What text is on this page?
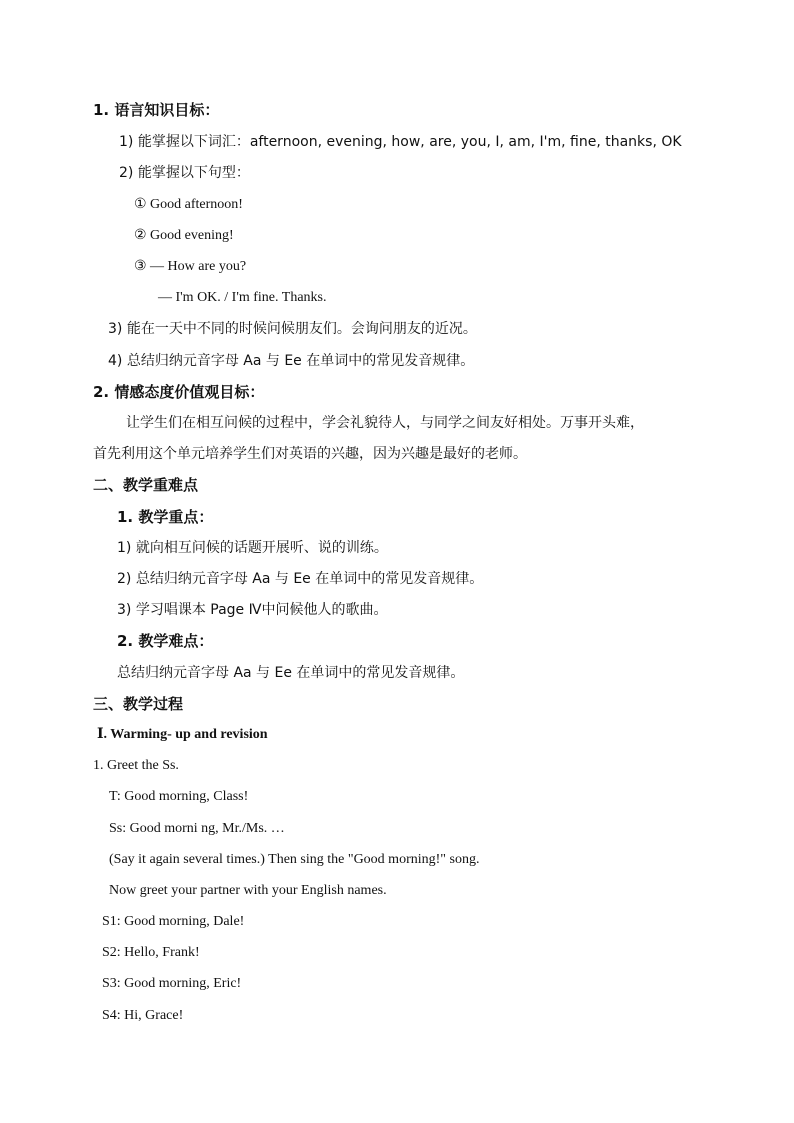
1. 语言知识目标：
1) 能掌握以下词汇：afternoon, evening, how, are, you, I, am, I'm, fine, thanks, OK
2) 能掌握以下句型：
① Good afternoon!
② Good evening!
③ — How are you?
— I'm OK. / I'm fine. Thanks.
3) 能在一天中不同的时候问候朋友们。会询问朋友的近况。
4) 总结归纳元音字母 Aa 与 Ee 在单词中的常见发音规律。
2. 情感态度价值观目标：
让学生们在相互问候的过程中，学会礼貌待人，与同学之间友好相处。万事开头难，
首先利用这个单元培养学生们对英语的兴趣，因为兴趣是最好的老师。
二、教学重难点
1. 教学重点：
1) 就向相互问候的话题开展听、说的训练。
2) 总结归纳元音字母 Aa 与 Ee 在单词中的常见发音规律。
3) 学习唱课本 Page Ⅳ中问候他人的歌曲。
2. 教学难点：
总结归纳元音字母 Aa 与 Ee 在单词中的常见发音规律。
三、教学过程
Ⅰ. Warming- up and revision
1. Greet the Ss.
T: Good morning, Class!
Ss: Good morni ng, Mr./Ms. …
(Say it again several times.) Then sing the "Good morning!" song.
Now greet your partner with your English names.
S1: Good morning, Dale!
S2: Hello, Frank!
S3: Good morning, Eric!
S4: Hi, Grace!
